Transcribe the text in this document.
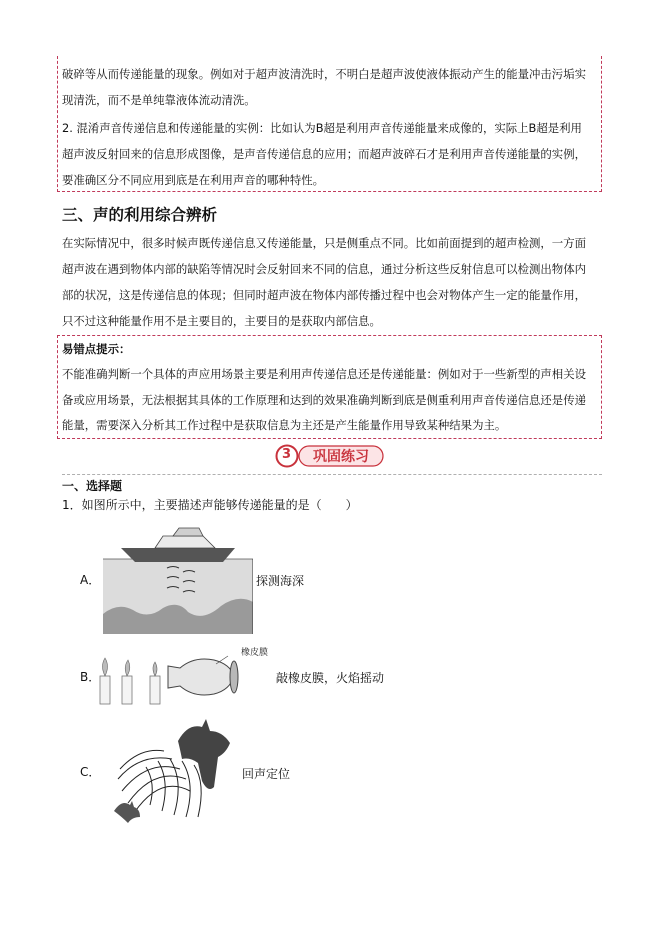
破碎等从而传递能量的现象。例如对于超声波清洗时，不明白是超声波使液体振动产生的能量冲击污垢实

现清洗，而不是单纯靠液体流动清洗。

2. 混淆声音传递信息和传递能量的实例：比如认为B超是利用声音传递能量来成像的，实际上B超是利用

超声波反射回来的信息形成图像，是声音传递信息的应用；而超声波碎石才是利用声音传递能量的实例，

要准确区分不同应用到底是在利用声音的哪种特性。

三、声的利用综合辨析

在实际情况中，很多时候声既传递信息又传递能量，只是侧重点不同。比如前面提到的超声检测，一方面

超声波在遇到物体内部的缺陷等情况时会反射回来不同的信息，通过分析这些反射信息可以检测出物体内

部的状况，这是传递信息的体现；但同时超声波在物体内部传播过程中也会对物体产生一定的能量作用，

只不过这种能量作用不是主要目的，主要目的是获取内部信息。

易错点提示：

不能准确判断一个具体的声应用场景主要是利用声传递信息还是传递能量：例如对于一些新型的声相关设

备或应用场景，无法根据其具体的工作原理和达到的效果准确判断到底是侧重利用声音传递信息还是传递

能量，需要深入分析其工作过程中是获取信息为主还是产生能量作用导致某种结果为主。

3 巩固练习

一、选择题

1．如图所示中，主要描述声能够传递能量的是（　　）

A．	探测海深

B．

橡皮膜

敲橡皮膜，火焰摇动

C．	回声定位
